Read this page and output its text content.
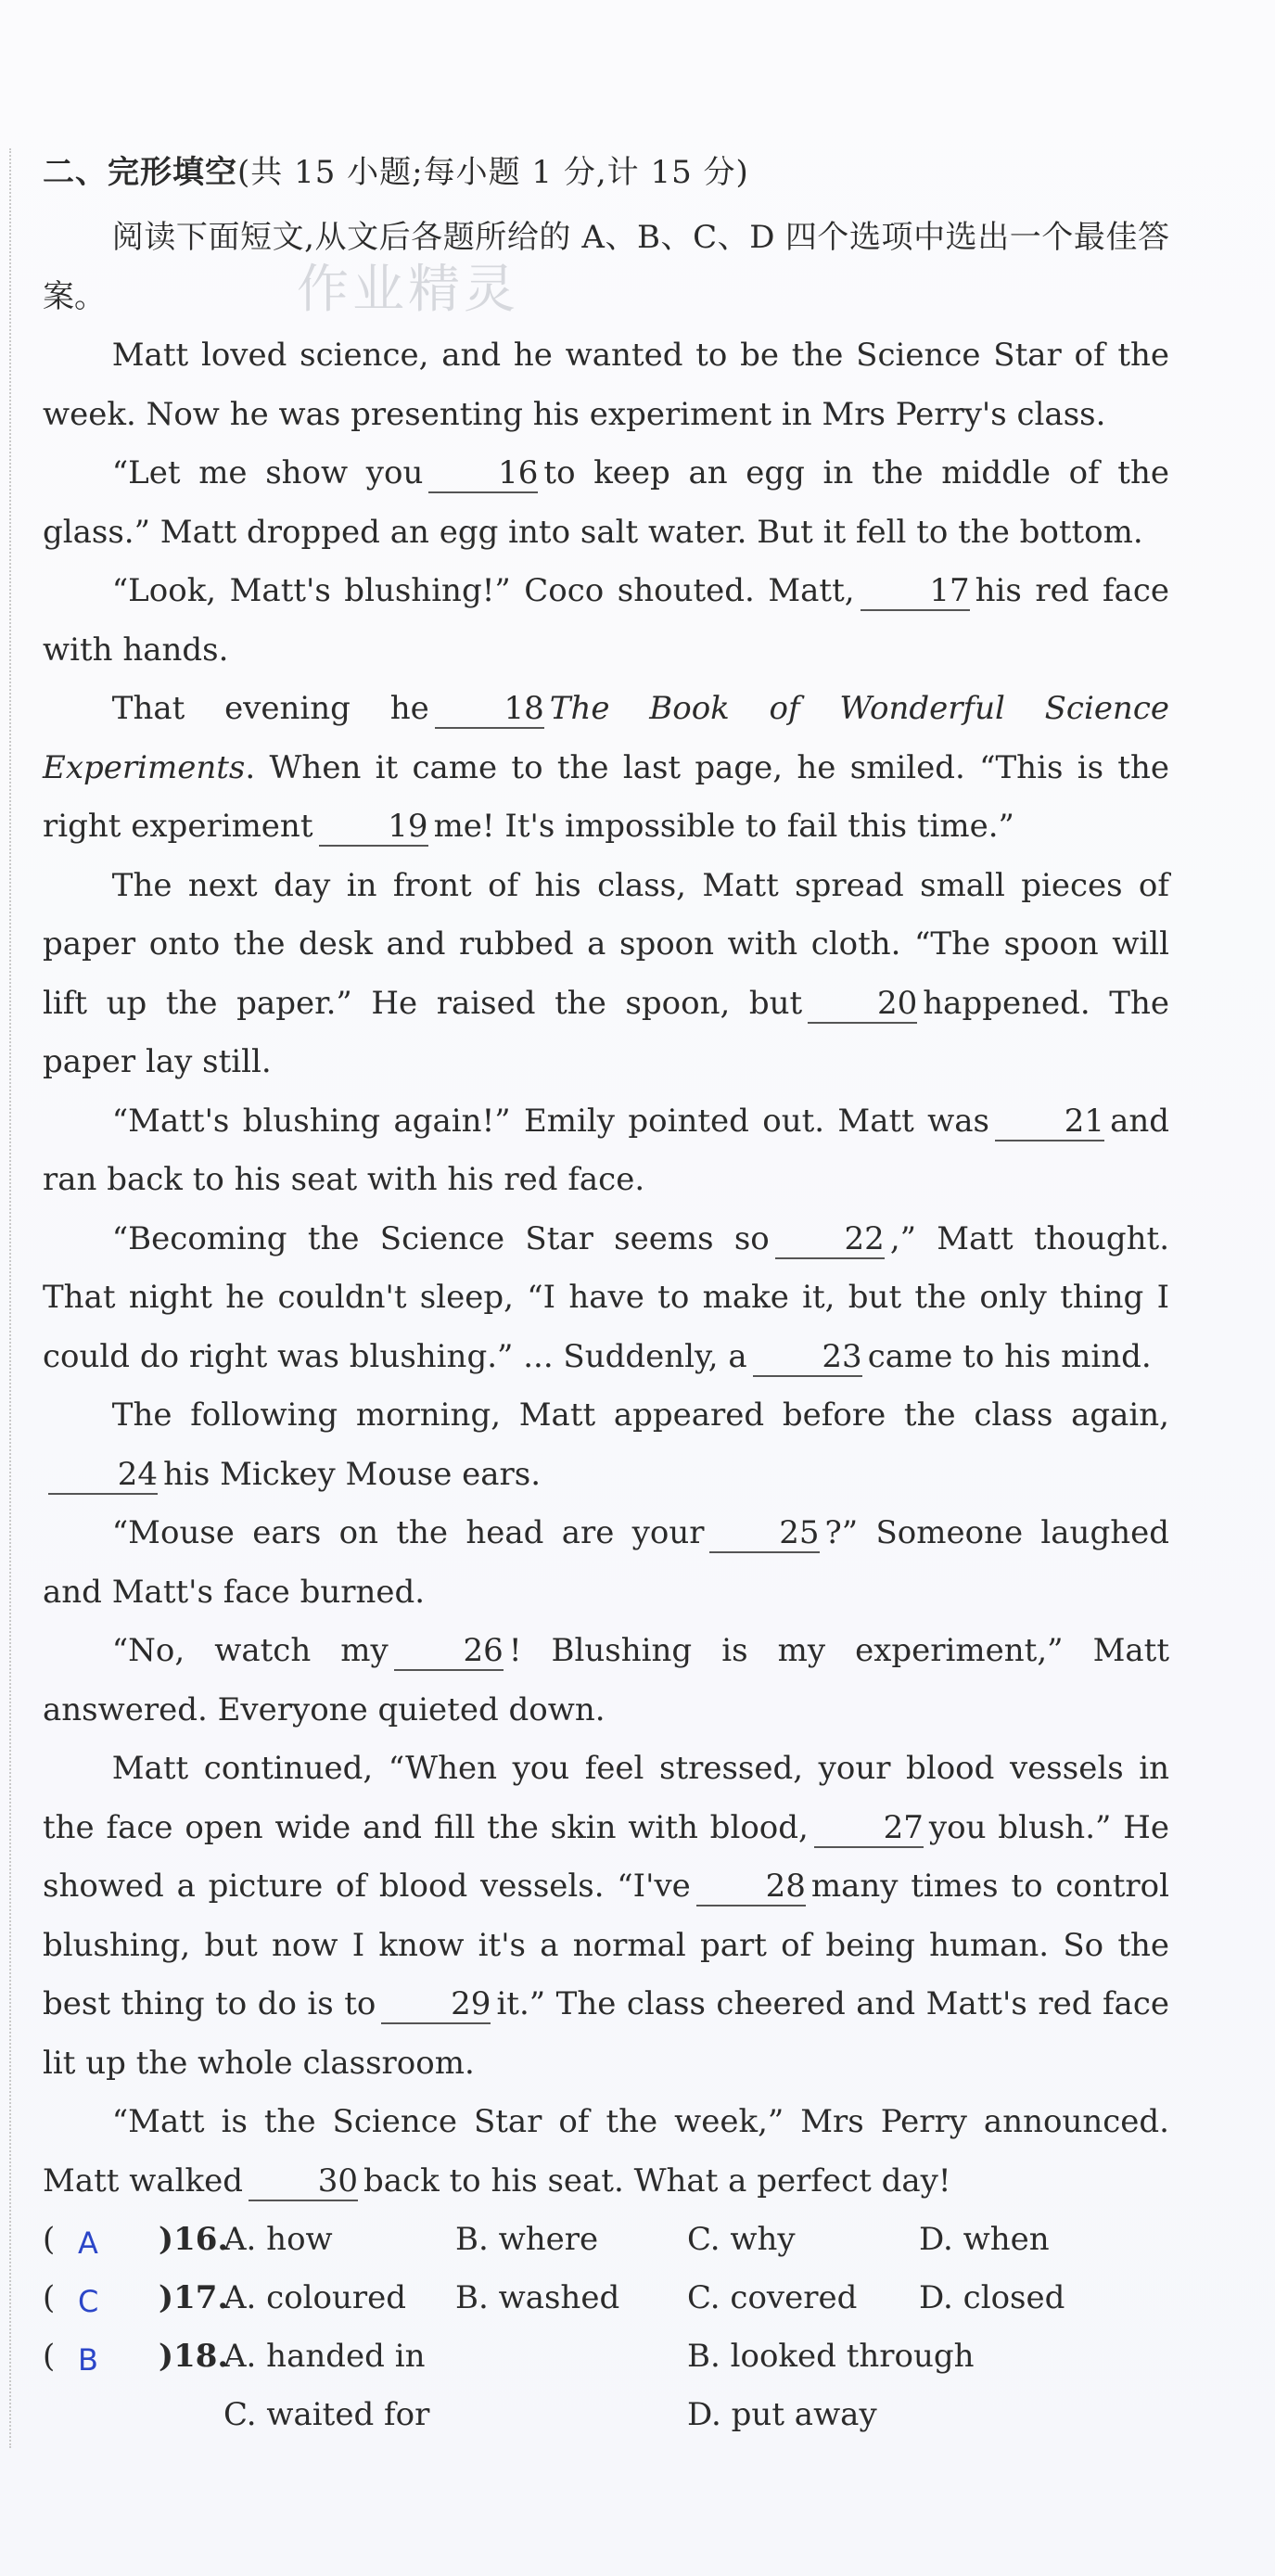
作业精灵
二、完形填空(共 15 小题;每小题 1 分,计 15 分)

阅读下面短文,从文后各题所给的 A、B、C、D 四个选项中选出一个最佳答案。

Matt loved science, and he wanted to be the Science Star of the week. Now he was presenting his experiment in Mrs Perry's class.

“Let me show you 16 to keep an egg in the middle of the glass.” Matt dropped an egg into salt water. But it fell to the bottom.

“Look, Matt's blushing!” Coco shouted. Matt, 17 his red face with hands.

That evening he 18 The Book of Wonderful Science Experiments. When it came to the last page, he smiled. “This is the right experiment 19 me! It's impossible to fail this time.”

The next day in front of his class, Matt spread small pieces of paper onto the desk and rubbed a spoon with cloth. “The spoon will lift up the paper.” He raised the spoon, but 20 happened. The paper lay still.

“Matt's blushing again!” Emily pointed out. Matt was 21 and ran back to his seat with his red face.

“Becoming the Science Star seems so 22 ,” Matt thought. That night he couldn't sleep, “I have to make it, but the only thing I could do right was blushing.” ... Suddenly, a 23 came to his mind.

The following morning, Matt appeared before the class again,24 his Mickey Mouse ears.

“Mouse ears on the head are your 25 ?” Someone laughed and Matt's face burned.

“No, watch my 26 ! Blushing is my experiment,” Matt answered. Everyone quieted down.

Matt continued, “When you feel stressed, your blood vessels in the face open wide and fill the skin with blood, 27 you blush.” He showed a picture of blood vessels. “I've 28 many times to control blushing, but now I know it's a normal part of being human. So the best thing to do is to 29 it.” The class cheered and Matt's red face lit up the whole classroom.

“Matt is the Science Star of the week,” Mrs Perry announced. Matt walked 30 back to his seat. What a perfect day!

( A )16.
A. how	B. where	C. why	D. when
( C )17.
A. coloured	B. washed	C. covered	D. closed
( B )18.
A. handed in	B. looked through
C. waited for	D. put away
